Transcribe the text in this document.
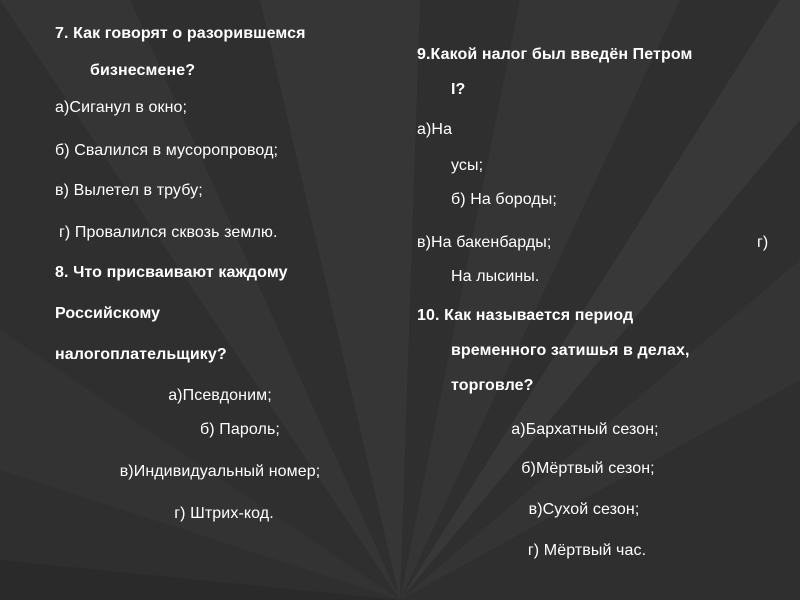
7. Как говорят о разорившемся
бизнесмене?
а)Сиганул в окно;
б) Свалился в мусоропровод;
в) Вылетел в трубу;
г) Провалился сквозь землю.
8. Что присваивают каждому
Российскому
налогоплательщику?
а)Псевдоним;
б) Пароль;
в)Индивидуальный номер;
г) Штрих-код.
9.Какой налог был введён Петром
I?
а)На
усы;
б) На бороды;
в)На бакенбарды;	г)
На лысины.
10. Как называется период
временного затишья в делах,
торговле?
а)Бархатный сезон;
б)Мёртвый сезон;
в)Сухой сезон;
г) Мёртвый час.
